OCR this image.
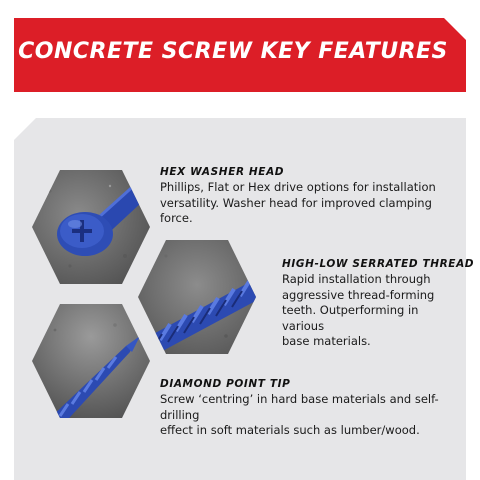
CONCRETE SCREW KEY FEATURES
HEX WASHER HEAD
Phillips, Flat or Hex drive options for installation
versatility. Washer head for improved clamping force.
HIGH-LOW SERRATED THREAD
Rapid installation through
aggressive thread-forming
teeth. Outperforming in various
base materials.
DIAMOND POINT TIP
Screw ‘centring’ in hard base materials and self-drilling
effect in soft materials such as lumber/wood.
